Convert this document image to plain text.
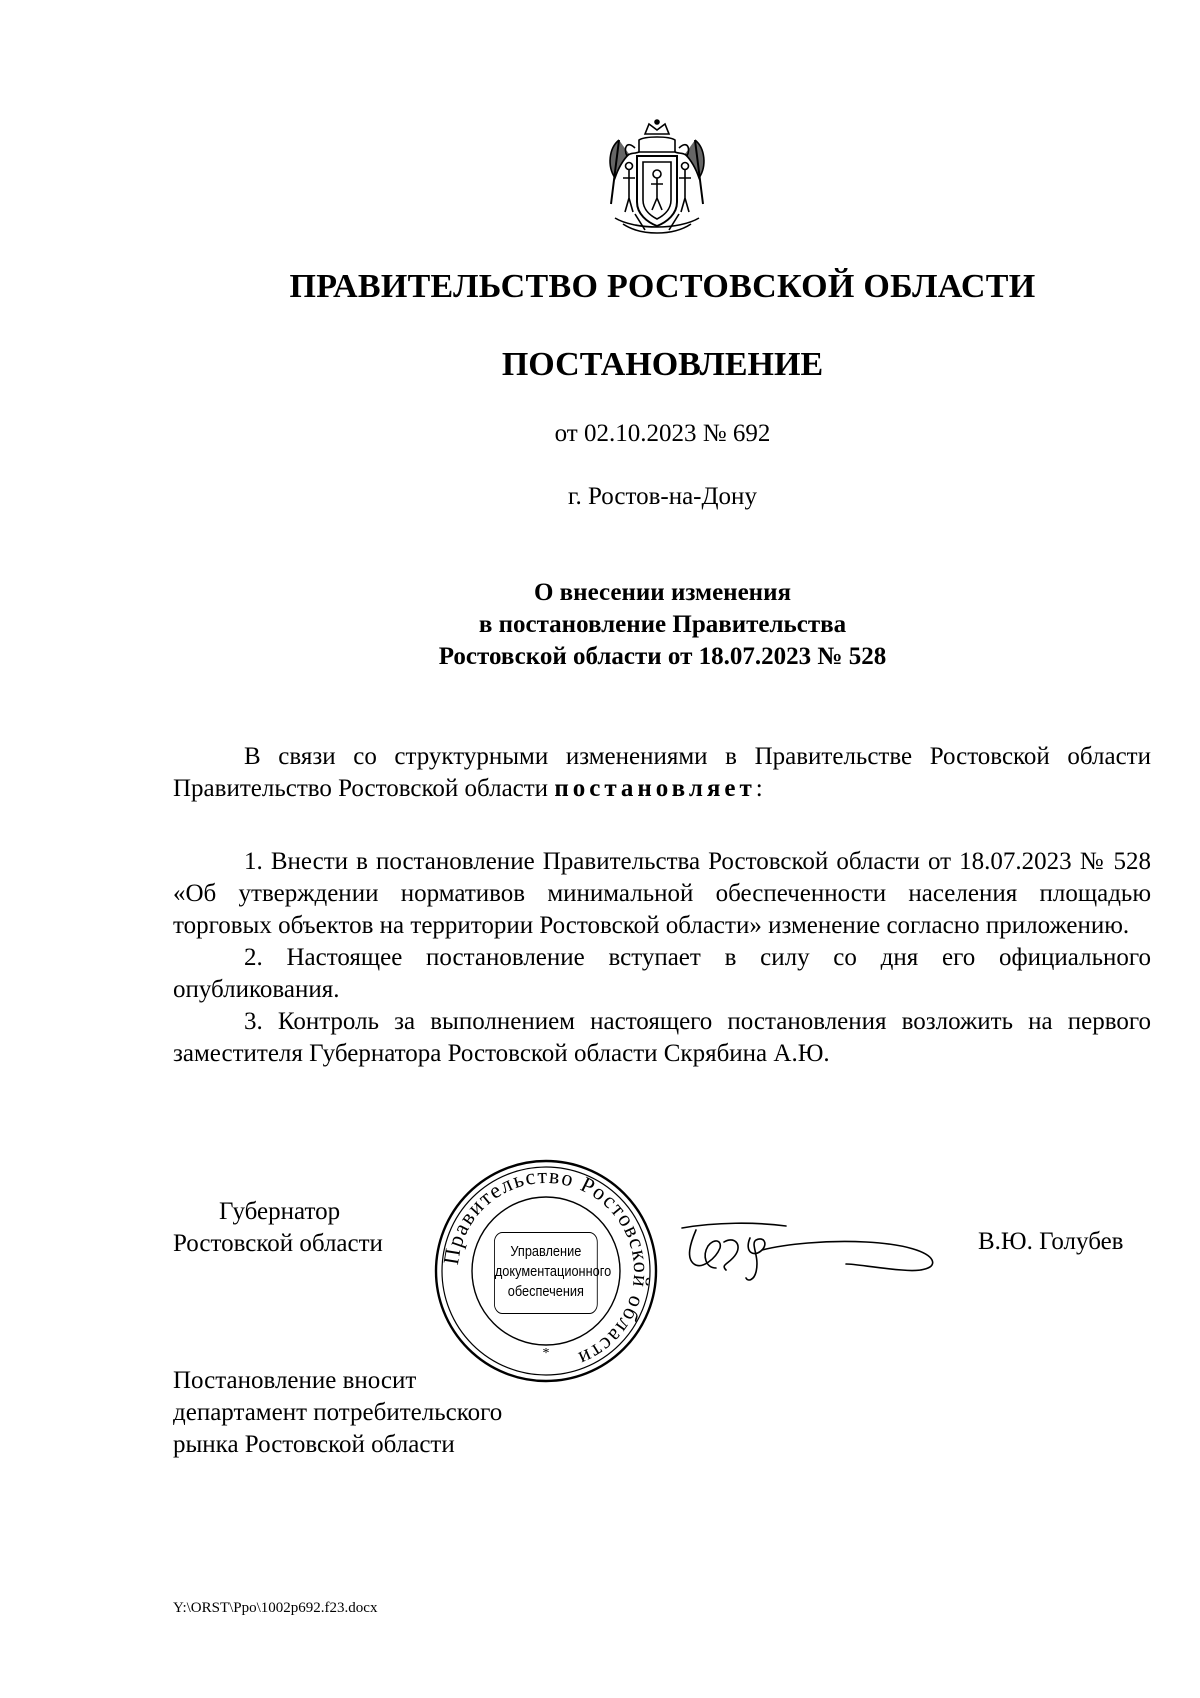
ПРАВИТЕЛЬСТВО РОСТОВСКОЙ ОБЛАСТИ
ПОСТАНОВЛЕНИЕ
от 02.10.2023 № 692
г. Ростов-на-Дону
О внесении изменения
в постановление Правительства
Ростовской области от 18.07.2023 № 528

В связи со структурными изменениями в Правительстве Ростовской области Правительство Ростовской области постановляет:

1. Внести в постановление Правительства Ростовской области от 18.07.2023 № 528 «Об утверждении нормативов минимальной обеспеченности населения площадью торговых объектов на территории Ростовской области» изменение согласно приложению.

2. Настоящее постановление вступает в силу со дня его официального опубликования.

3. Контроль за выполнением настоящего постановления возложить на первого заместителя Губернатора Ростовской области Скрябина А.Ю.

Губернатор
Ростовской области	Правительство Ростовской области
*
Управление
документационного
обеспечения
В.Ю. Голубев
Постановление вносит
департамент потребительского
рынка Ростовской области
Y:\ORST\Ppo\1002p692.f23.docx
